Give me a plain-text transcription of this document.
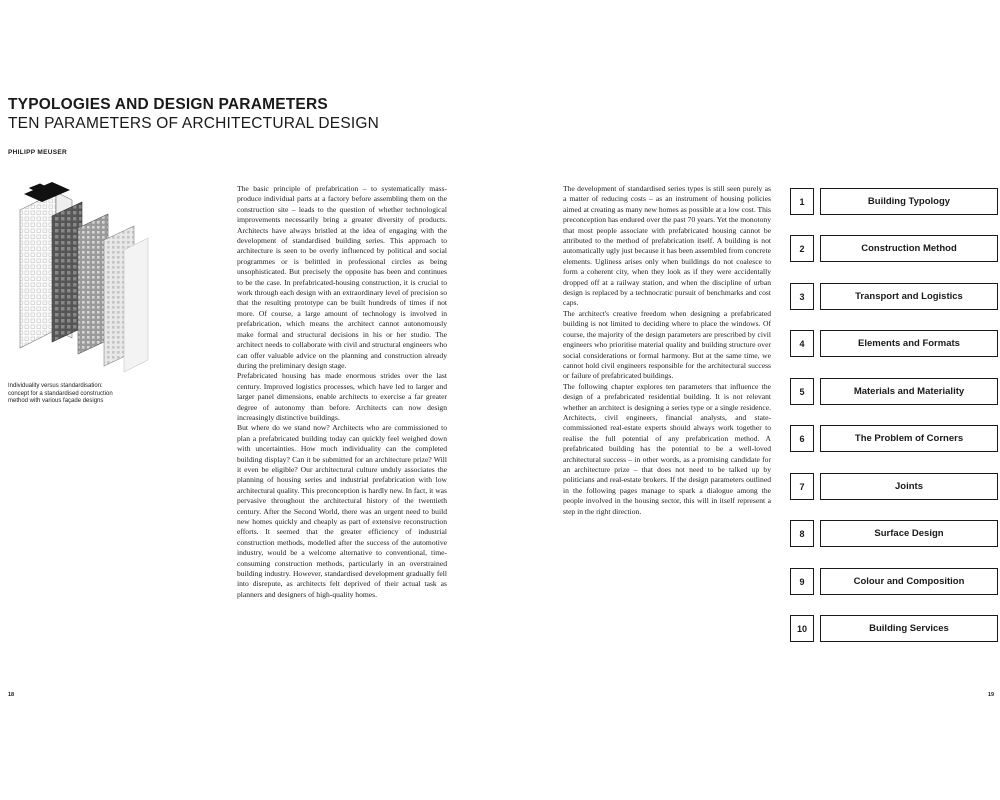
TYPOLOGIES AND DESIGN PARAMETERS
TEN PARAMETERS OF ARCHITECTURAL DESIGN
PHILIPP MEUSER
Individuality versus standardisation:
concept for a standardised construction
method with various façade designs

The basic principle of prefabrication – to systematically mass-produce individual parts at a factory before assembling them on the construction site – leads to the question of whether technological improvements necessarily bring a greater diversity of products. Architects have always bristled at the idea of engaging with the development of standardised building series. This approach to architecture is seen to be overly influenced by political and social programmes or is belittled in professional circles as being unsophisticated. But precisely the opposite has been and continues to be the case. In prefabricated-housing construction, it is crucial to work through each design with an extraordinary level of precision so that the resulting prototype can be built hundreds of times if not more. Of course, a large amount of technology is involved in prefabrication, which means the architect cannot autonomously make formal and structural decisions in his or her studio. The architect needs to collaborate with civil and structural engineers who can offer valuable advice on the planning and construction already during the preliminary design stage.

Prefabricated housing has made enormous strides over the last century. Improved logistics processes, which have led to larger and larger panel dimensions, enable architects to exercise a far greater degree of autonomy than before. Architects can now design increasingly distinctive buildings.

But where do we stand now? Architects who are commissioned to plan a prefabricated building today can quickly feel weighed down with uncertainties. How much individuality can the completed building display? Can it be submitted for an architecture prize? Will it even be eligible? Our architectural culture unduly associates the planning of housing series and industrial prefabrication with low architectural quality. This preconception is hardly new. In fact, it was pervasive throughout the architectural history of the twentieth century. After the Second World, there was an urgent need to build new homes quickly and cheaply as part of extensive reconstruction efforts. It seemed that the greater efficiency of industrial construction methods, modelled after the success of the automotive industry, would be a welcome alternative to conventional, time-consuming construction methods, particularly in an overstrained building industry. However, standardised development gradually fell into disrepute, as architects felt deprived of their actual task as planners and designers of high-quality homes.

The development of standardised series types is still seen purely as a matter of reducing costs – as an instrument of housing policies aimed at creating as many new homes as possible at a low cost. This preconception has endured over the past 70 years. Yet the monotony that most people associate with prefabricated housing cannot be attributed to the method of prefabrication itself. A building is not automatically ugly just because it has been assembled from concrete elements. Ugliness arises only when buildings do not coalesce to form a coherent city, when they look as if they were accidentally dropped off at a railway station, and when the discipline of urban design is replaced by a technocratic pursuit of benchmarks and cost caps.

The architect's creative freedom when designing a prefabricated building is not limited to deciding where to place the windows. Of course, the majority of the design parameters are prescribed by civil engineers who prioritise material quality and building structure over social considerations or formal harmony. But at the same time, we cannot hold civil engineers responsible for the architectural success or failure of prefabricated buildings.

The following chapter explores ten parameters that influence the design of a prefabricated residential building. It is not relevant whether an architect is designing a series type or a single residence. Architects, civil engineers, financial analysts, and state-commissioned real-estate experts should always work together to realise the full potential of any prefabrication method. A prefabricated building has the potential to be a well-loved architectural success – in other words, as a promising candidate for an architecture prize – that does not need to be talked up by politicians and real-estate brokers. If the design parameters outlined in the following pages manage to spark a dialogue among the people involved in the housing sector, this will in itself represent a step in the right direction.

1	Building Typology
2	Construction Method
3	Transport and Logistics
4	Elements and Formats
5	Materials and Materiality
6	The Problem of Corners
7	Joints
8	Surface Design
9	Colour and Composition
10	Building Services
18	19
